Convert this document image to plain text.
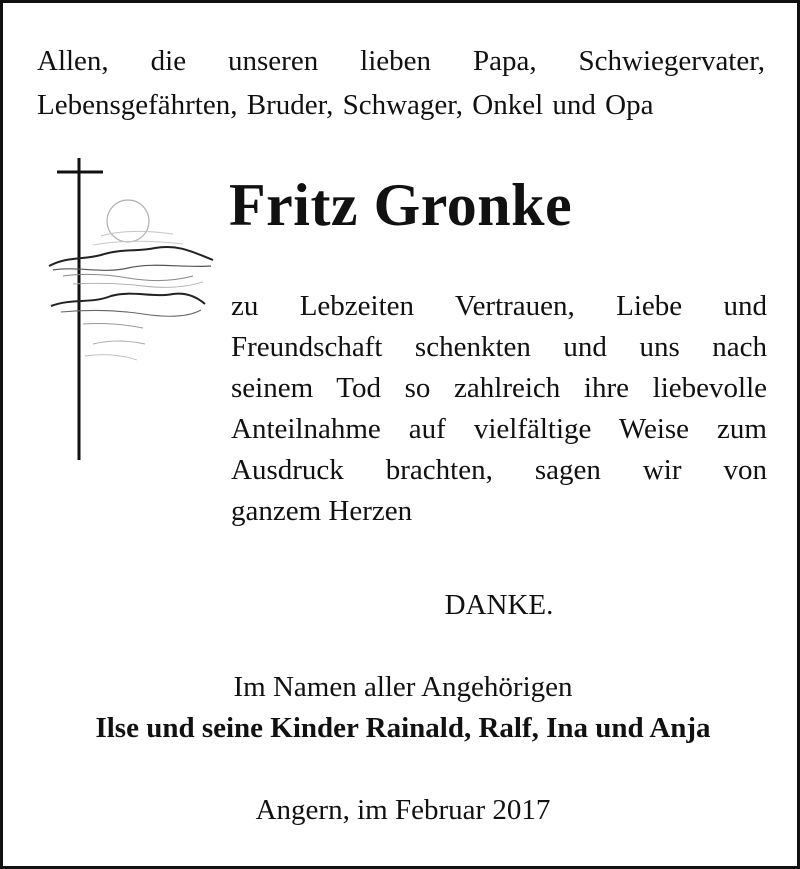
Allen, die unseren lieben Papa, Schwiegervater,
Lebensgefährten, Bruder, Schwager, Onkel und Opa
Fritz Gronke
zu Lebzeiten Vertrauen, Liebe und
Freundschaft schenkten und uns nach
seinem Tod so zahlreich ihre liebevolle
Anteilnahme auf vielfältige Weise zum
Ausdruck brachten, sagen wir von
ganzem Herzen
DANKE.
Im Namen aller Angehörigen
Ilse und seine Kinder Rainald, Ralf, Ina und Anja
Angern, im Februar 2017
